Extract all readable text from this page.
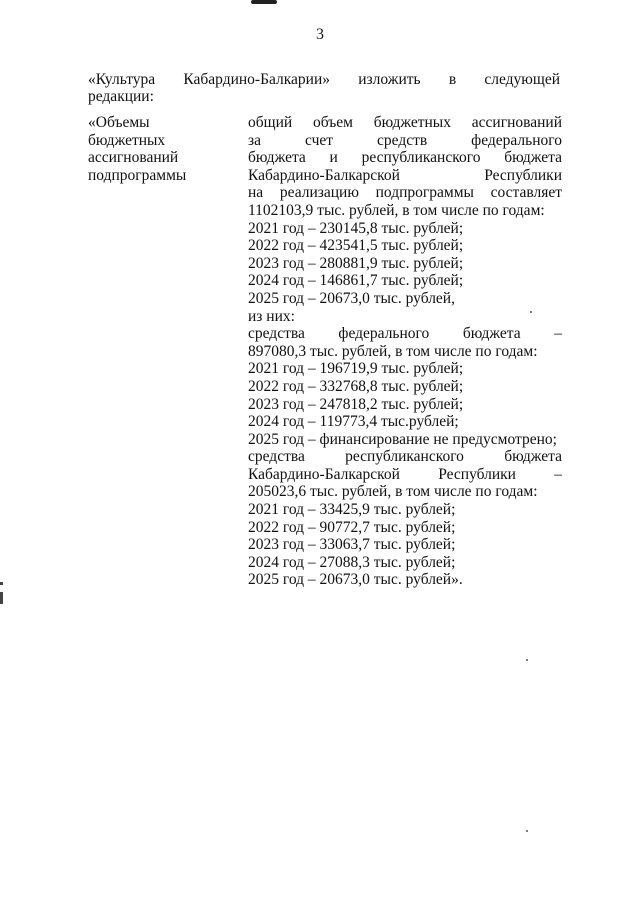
3
«Культура Кабардино-Балкарии» изложить в следующей
редакции:
«Объемы
бюджетных
ассигнований
подпрограммы
общий объем бюджетных ассигнований
за счет средств федерального
бюджета и республиканского бюджета
Кабардино-Балкарской Республики
на реализацию подпрограммы составляет
1102103,9 тыс. рублей, в том числе по годам:
2021 год – 230145,8 тыс. рублей;
2022 год – 423541,5 тыс. рублей;
2023 год – 280881,9 тыс. рублей;
2024 год – 146861,7 тыс. рублей;
2025 год – 20673,0 тыс. рублей,
из них:
средства федерального бюджета –
897080,3 тыс. рублей, в том числе по годам:
2021 год – 196719,9 тыс. рублей;
2022 год – 332768,8 тыс. рублей;
2023 год – 247818,2 тыс. рублей;
2024 год – 119773,4 тыс.рублей;
2025 год – финансирование не предусмотрено;
средства республиканского бюджета
Кабардино-Балкарской Республики –
205023,6 тыс. рублей, в том числе по годам:
2021 год – 33425,9 тыс. рублей;
2022 год – 90772,7 тыс. рублей;
2023 год – 33063,7 тыс. рублей;
2024 год – 27088,3 тыс. рублей;
2025 год – 20673,0 тыс. рублей».
